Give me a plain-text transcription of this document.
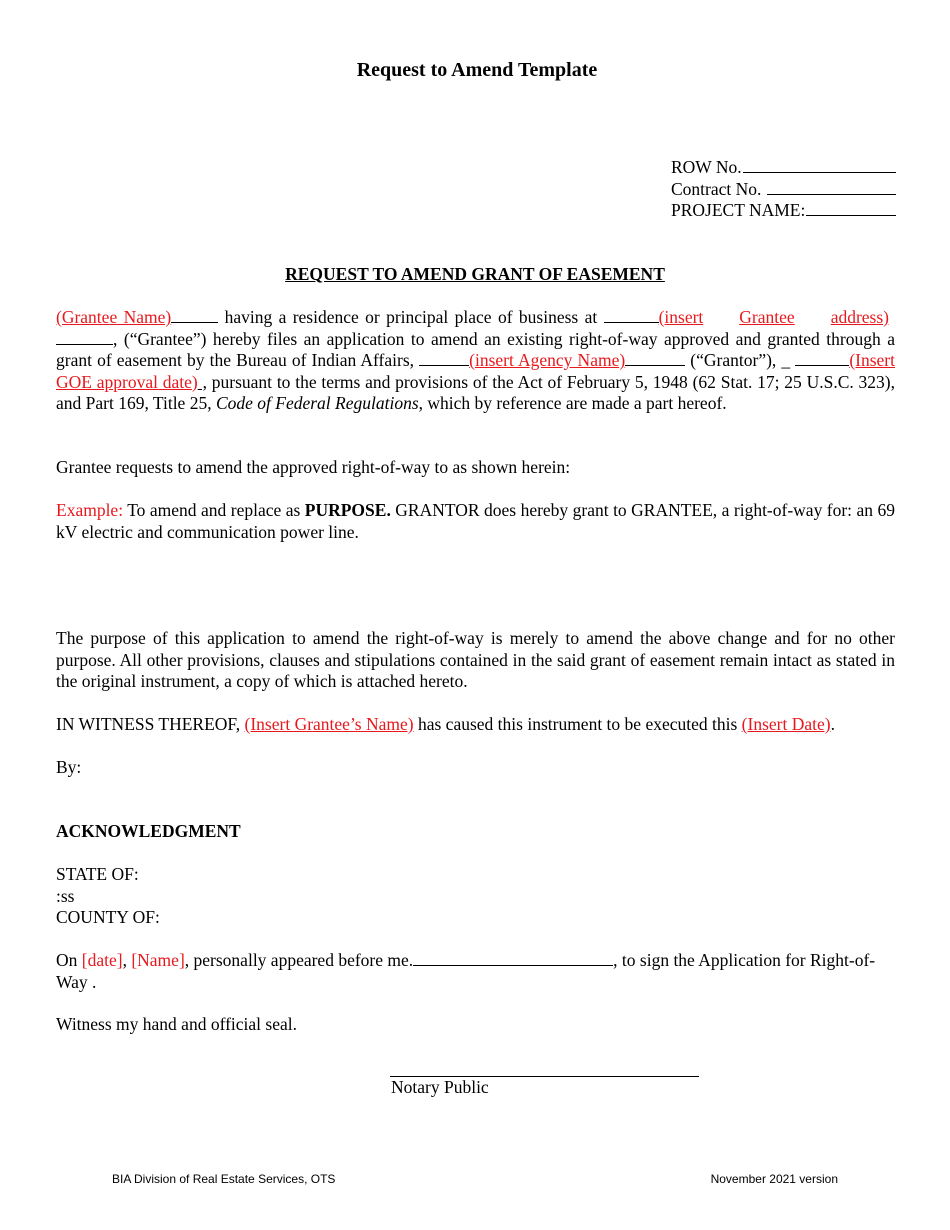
Request to Amend Template
ROW No.
Contract No.
PROJECT NAME:
REQUEST TO AMEND GRANT OF EASEMENT

(Grantee Name)	having a residence or principal place of business at	(insert Grantee address) , (“Grantee”) hereby files an application to amend an existing right-of-way approved and granted through a grant of easement by the Bureau of Indian Affairs,	(insert Agency Name)	(“Grantor”), _	(Insert GOE approval date) , pursuant to the terms and provisions of the Act of February 5, 1948 (62 Stat. 17; 25 U.S.C. 323), and Part 169, Title 25, Code of Federal Regulations, which by reference are made a part hereof.

Grantee requests to amend the approved right-of-way to as shown herein:

Example: To amend and replace as PURPOSE. GRANTOR does hereby grant to GRANTEE, a right-of-way for: an 69 kV electric and communication power line.

The purpose of this application to amend the right-of-way is merely to amend the above change and for no other purpose. All other provisions, clauses and stipulations contained in the said grant of easement remain intact as stated in the original instrument, a copy of which is attached hereto.

IN WITNESS THEREOF, (Insert Grantee’s Name) has caused this instrument to be executed this (Insert Date).
By:
ACKNOWLEDGMENT
STATE OF:
:ss
COUNTY OF:

On [date], [Name], personally appeared before me.	, to sign the Application for Right-of-Way .

Witness my hand and official seal.
Notary Public
BIA Division of Real Estate Services, OTS	November 2021 version
